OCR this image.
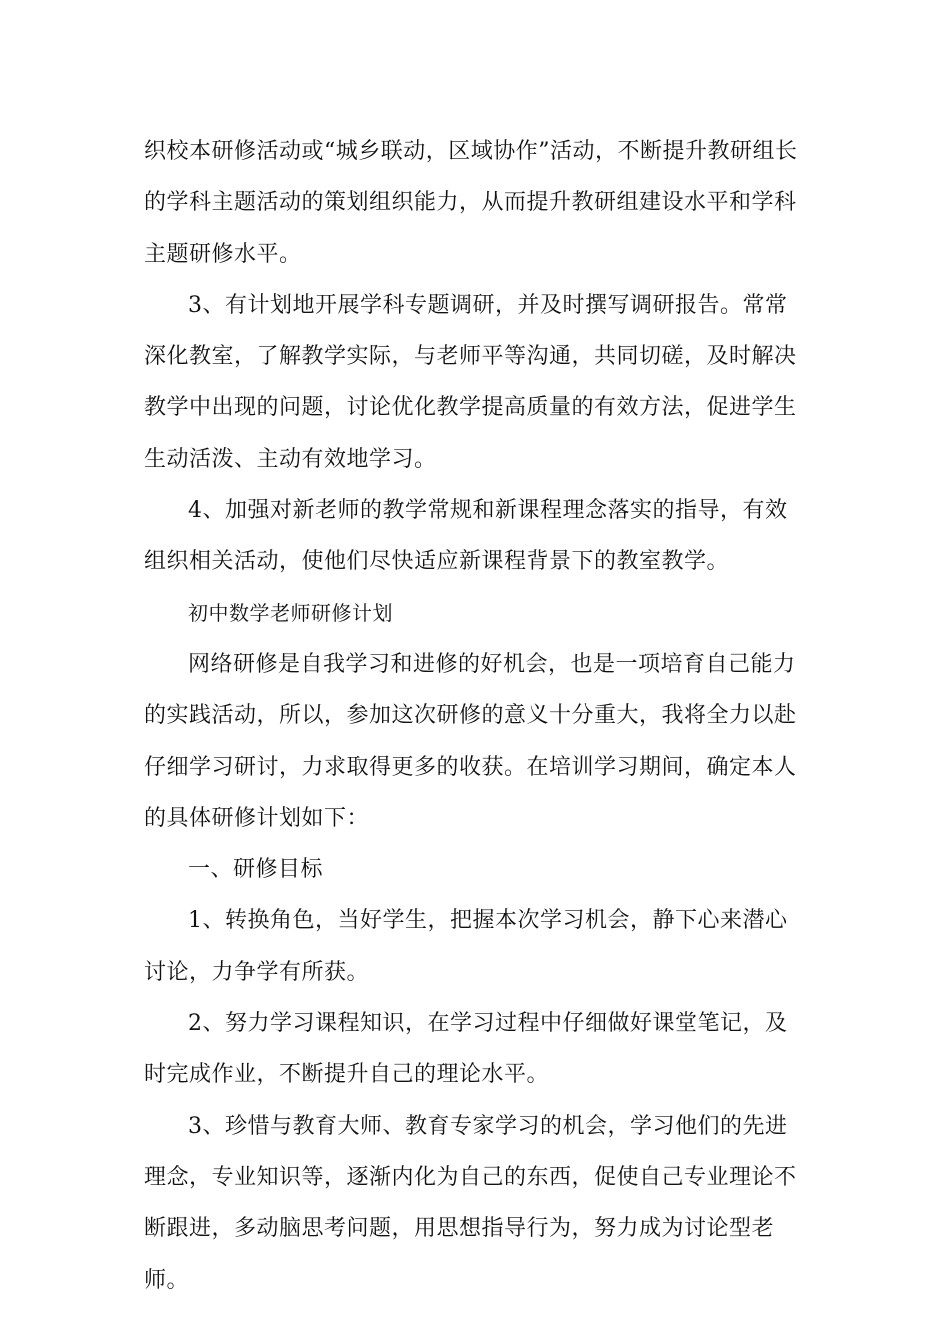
织校本研修活动或“城乡联动，区域协作”活动，不断提升教研组长的学科主题活动的策划组织能力，从而提升教研组建设水平和学科主题研修水平。

3、有计划地开展学科专题调研，并及时撰写调研报告。常常深化教室，了解教学实际，与老师平等沟通，共同切磋，及时解决教学中出现的问题，讨论优化教学提高质量的有效方法，促进学生生动活泼、主动有效地学习。

4、加强对新老师的教学常规和新课程理念落实的指导，有效组织相关活动，使他们尽快适应新课程背景下的教室教学。

初中数学老师研修计划

网络研修是自我学习和进修的好机会，也是一项培育自己能力的实践活动，所以，参加这次研修的意义十分重大，我将全力以赴仔细学习研讨，力求取得更多的收获。在培训学习期间，确定本人的具体研修计划如下：

一、研修目标

1、转换角色，当好学生，把握本次学习机会，静下心来潜心讨论，力争学有所获。

2、努力学习课程知识，在学习过程中仔细做好课堂笔记，及时完成作业，不断提升自己的理论水平。

3、珍惜与教育大师、教育专家学习的机会，学习他们的先进理念，专业知识等，逐渐内化为自己的东西，促使自己专业理论不断跟进，多动脑思考问题，用思想指导行为，努力成为讨论型老师。
